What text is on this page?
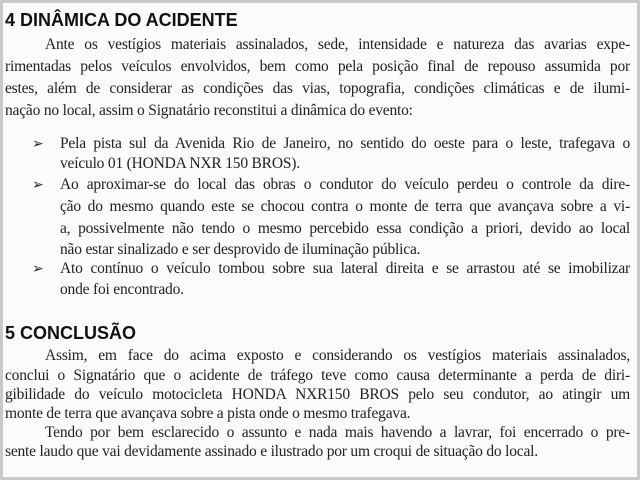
4 DINÂMICA DO ACIDENTE
Ante os vestígios materiais assinalados, sede, intensidade e natureza das avarias expe-
rimentadas pelos veículos envolvidos, bem como pela posição final de repouso assumida por
estes, além de considerar as condições das vias, topografia, condições climáticas e de ilumi-
nação no local, assim o Signatário reconstitui a dinâmica do evento:
➢ Pela pista sul da Avenida Rio de Janeiro, no sentido do oeste para o leste, trafegava o
veículo 01 (HONDA NXR 150 BROS).
➢ Ao aproximar-se do local das obras o condutor do veículo perdeu o controle da dire-
ção do mesmo quando este se chocou contra o monte de terra que avançava sobre a vi-
a, possivelmente não tendo o mesmo percebido essa condição a priori, devido ao local
não estar sinalizado e ser desprovido de iluminação pública.
➢ Ato contínuo o veículo tombou sobre sua lateral direita e se arrastou até se imobilizar
onde foi encontrado.
5 CONCLUSÃO
Assim, em face do acima exposto e considerando os vestígios materiais assinalados,
conclui o Signatário que o acidente de tráfego teve como causa determinante a perda de diri-
gibilidade do veículo motocicleta HONDA NXR150 BROS pelo seu condutor, ao atingir um
monte de terra que avançava sobre a pista onde o mesmo trafegava.
Tendo por bem esclarecido o assunto e nada mais havendo a lavrar, foi encerrado o pre-
sente laudo que vai devidamente assinado e ilustrado por um croqui de situação do local.
